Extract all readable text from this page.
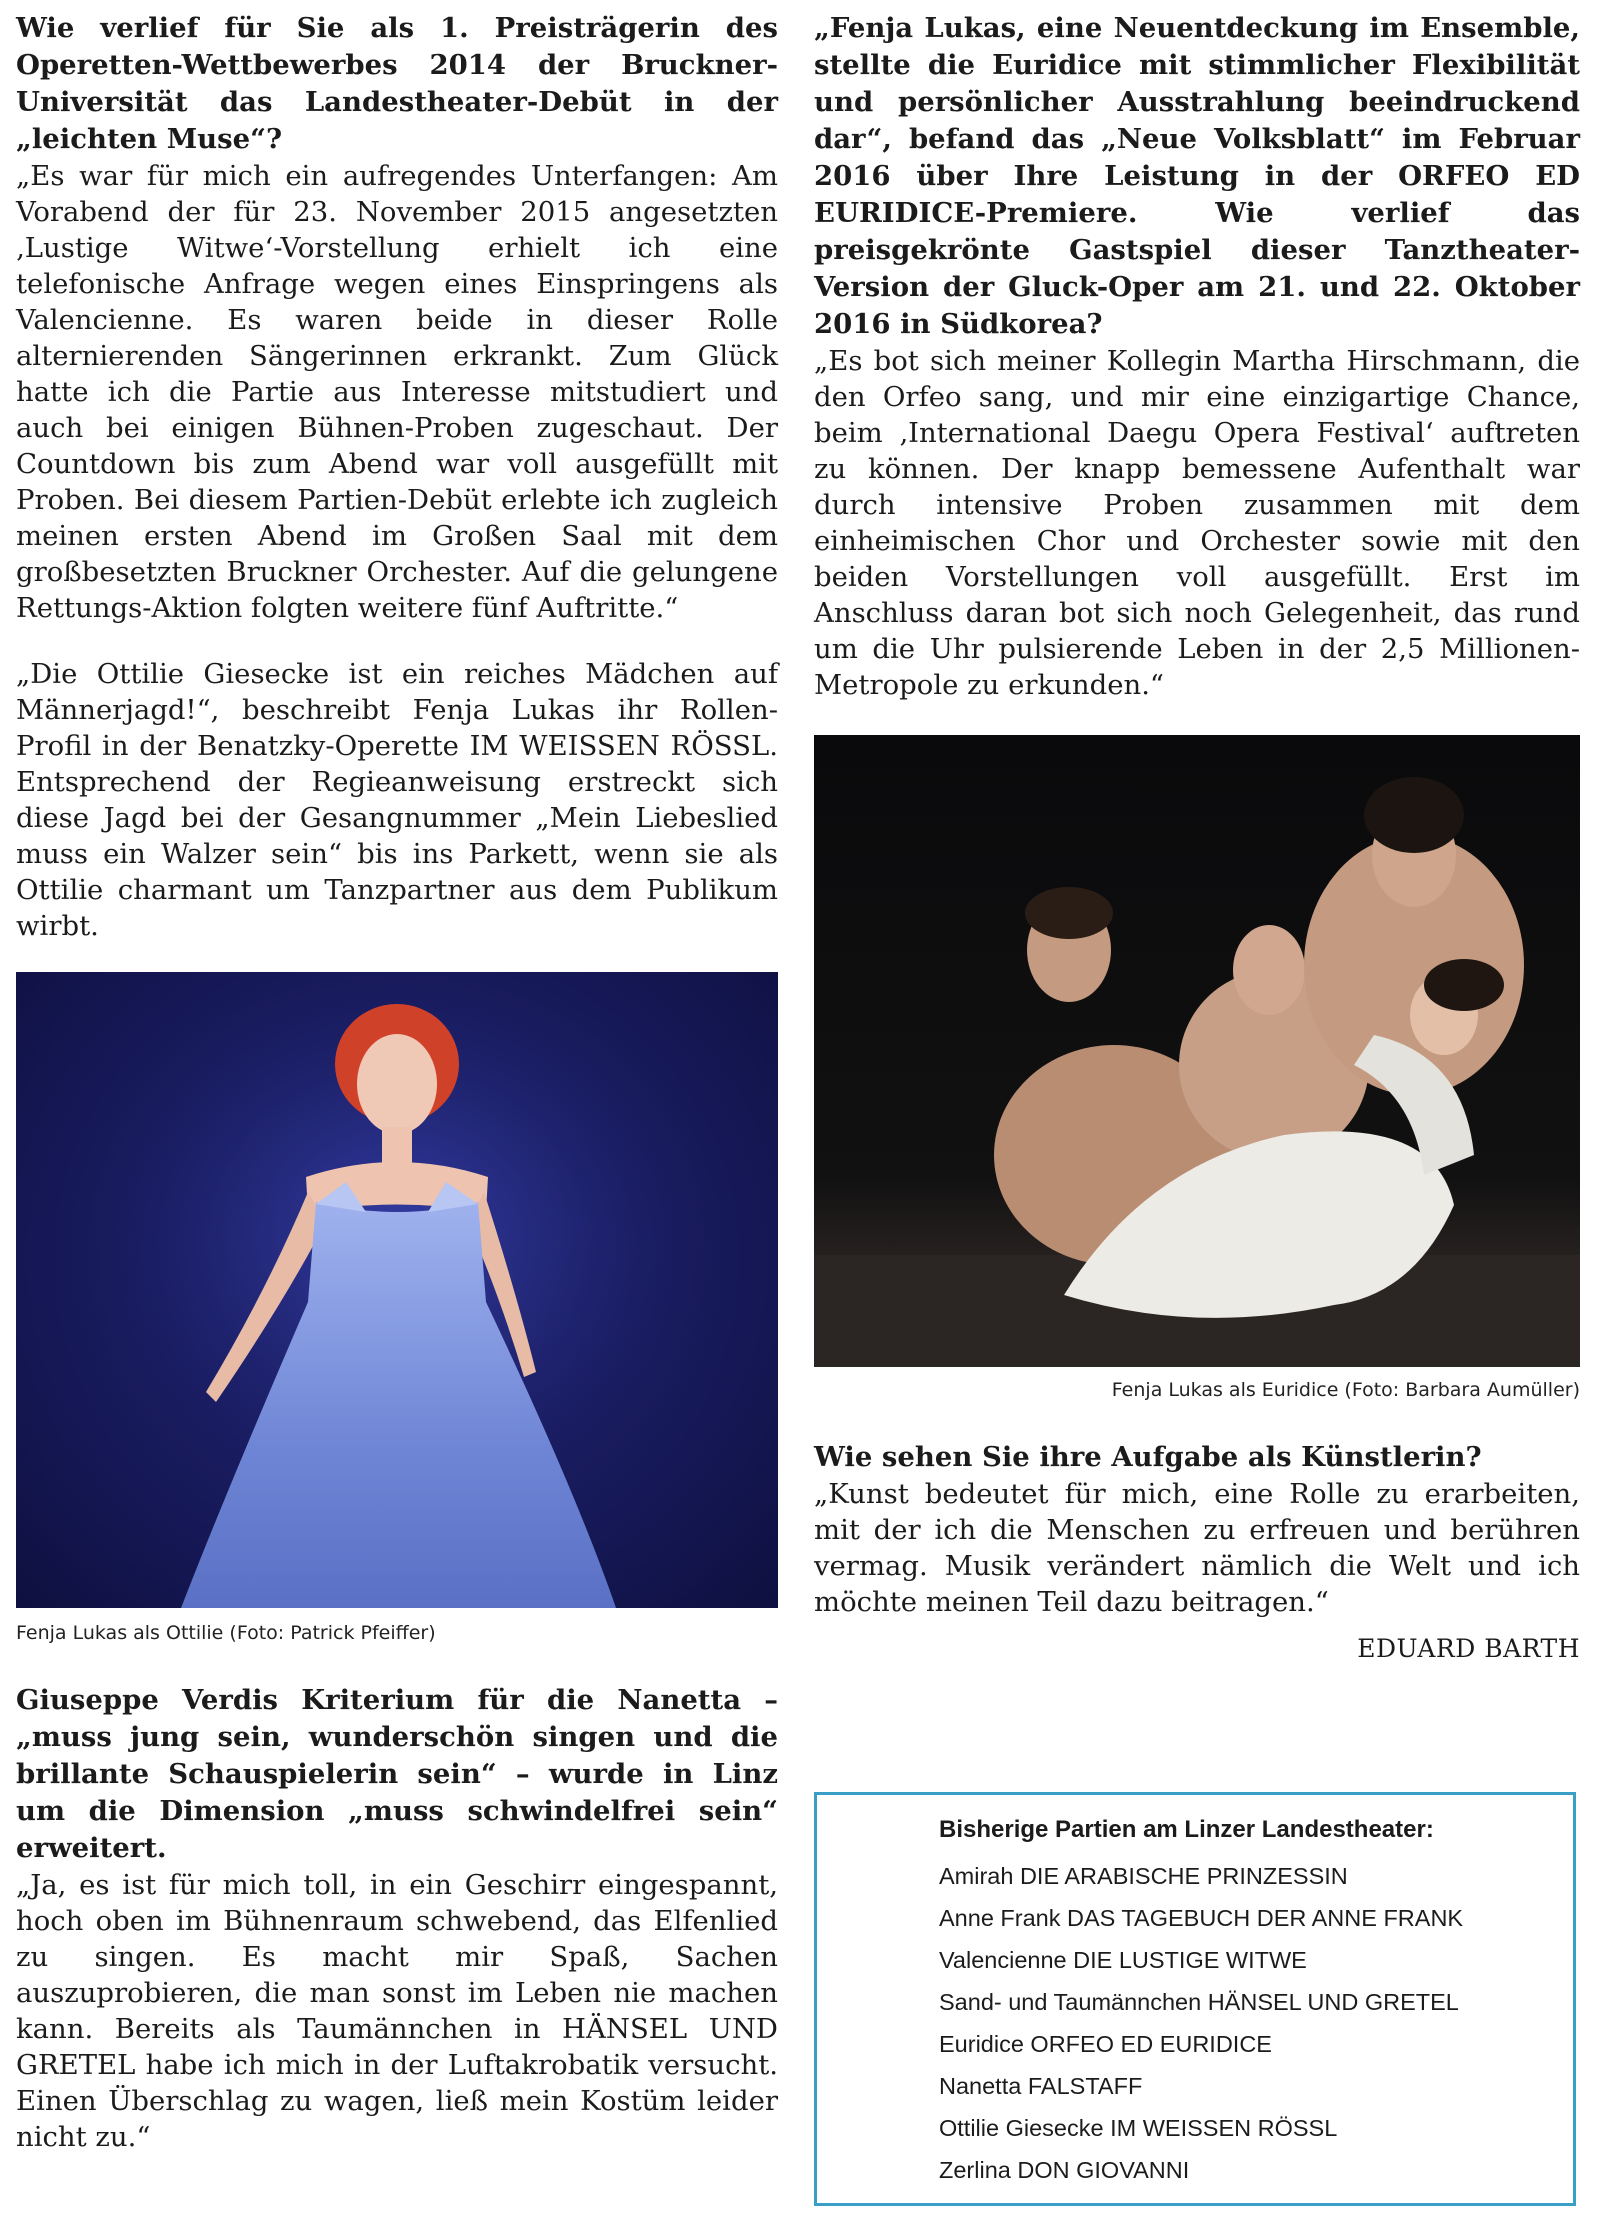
Wie verlief für Sie als 1. Preisträgerin des Operetten-Wettbewerbes 2014 der Bruckner-Universität das Landestheater-Debüt in der „leichten Muse“?

„Es war für mich ein aufregendes Unterfangen: Am Vorabend der für 23. November 2015 angesetzten ‚Lustige Witwe‘-Vorstellung erhielt ich eine telefonische Anfrage wegen eines Einspringens als Valencienne. Es waren beide in dieser Rolle alternierenden Sängerinnen erkrankt. Zum Glück hatte ich die Partie aus Interesse mitstudiert und auch bei einigen Bühnen-Proben zugeschaut. Der Countdown bis zum Abend war voll ausgefüllt mit Proben. Bei diesem Partien-Debüt erlebte ich zugleich meinen ersten Abend im Großen Saal mit dem großbesetzten Bruckner Orchester. Auf die gelungene Rettungs-Aktion folgten weitere fünf Auftritte.“

„Die Ottilie Giesecke ist ein reiches Mädchen auf Männerjagd!“, beschreibt Fenja Lukas ihr Rollen-Profil in der Benatzky-Operette IM WEISSEN RÖSSL. Entsprechend der Regieanweisung erstreckt sich diese Jagd bei der Gesangnummer „Mein Liebeslied muss ein Walzer sein“ bis ins Parkett, wenn sie als Ottilie charmant um Tanzpartner aus dem Publikum wirbt.

Fenja Lukas als Ottilie (Foto: Patrick Pfeiffer)

Giuseppe Verdis Kriterium für die Nanetta – „muss jung sein, wunderschön singen und die brillante Schauspielerin sein“ – wurde in Linz um die Dimension „muss schwindelfrei sein“ erweitert.

„Ja, es ist für mich toll, in ein Geschirr eingespannt, hoch oben im Bühnenraum schwebend, das Elfenlied zu singen. Es macht mir Spaß, Sachen auszuprobieren, die man sonst im Leben nie machen kann. Bereits als Taumännchen in HÄNSEL UND GRETEL habe ich mich in der Luftakrobatik versucht. Einen Überschlag zu wagen, ließ mein Kostüm leider nicht zu.“

„Fenja Lukas, eine Neuentdeckung im Ensemble, stellte die Euridice mit stimmlicher Flexibilität und persönlicher Ausstrahlung beeindruckend dar“, befand das „Neue Volksblatt“ im Februar 2016 über Ihre Leistung in der ORFEO ED EURIDICE-Premiere. Wie verlief das preisgekrönte Gastspiel dieser Tanztheater-Version der Gluck-Oper am 21. und 22. Oktober 2016 in Südkorea?

„Es bot sich meiner Kollegin Martha Hirschmann, die den Orfeo sang, und mir eine einzigartige Chance, beim ‚International Daegu Opera Festival‘ auftreten zu können. Der knapp bemessene Aufenthalt war durch intensive Proben zusammen mit dem einheimischen Chor und Orchester sowie mit den beiden Vorstellungen voll ausgefüllt. Erst im Anschluss daran bot sich noch Gelegenheit, das rund um die Uhr pulsierende Leben in der 2,5 Millionen-Metropole zu erkunden.“

Fenja Lukas als Euridice (Foto: Barbara Aumüller)

Wie sehen Sie ihre Aufgabe als Künstlerin?

„Kunst bedeutet für mich, eine Rolle zu erarbeiten, mit der ich die Menschen zu erfreuen und berühren vermag. Musik verändert nämlich die Welt und ich möchte meinen Teil dazu beitragen.“

EDUARD BARTH
Bisherige Partien am Linzer Landestheater:
Amirah DIE ARABISCHE PRINZESSIN
Anne Frank DAS TAGEBUCH DER ANNE FRANK
Valencienne DIE LUSTIGE WITWE
Sand- und Taumännchen HÄNSEL UND GRETEL
Euridice ORFEO ED EURIDICE
Nanetta FALSTAFF
Ottilie Giesecke IM WEISSEN RÖSSL
Zerlina DON GIOVANNI
